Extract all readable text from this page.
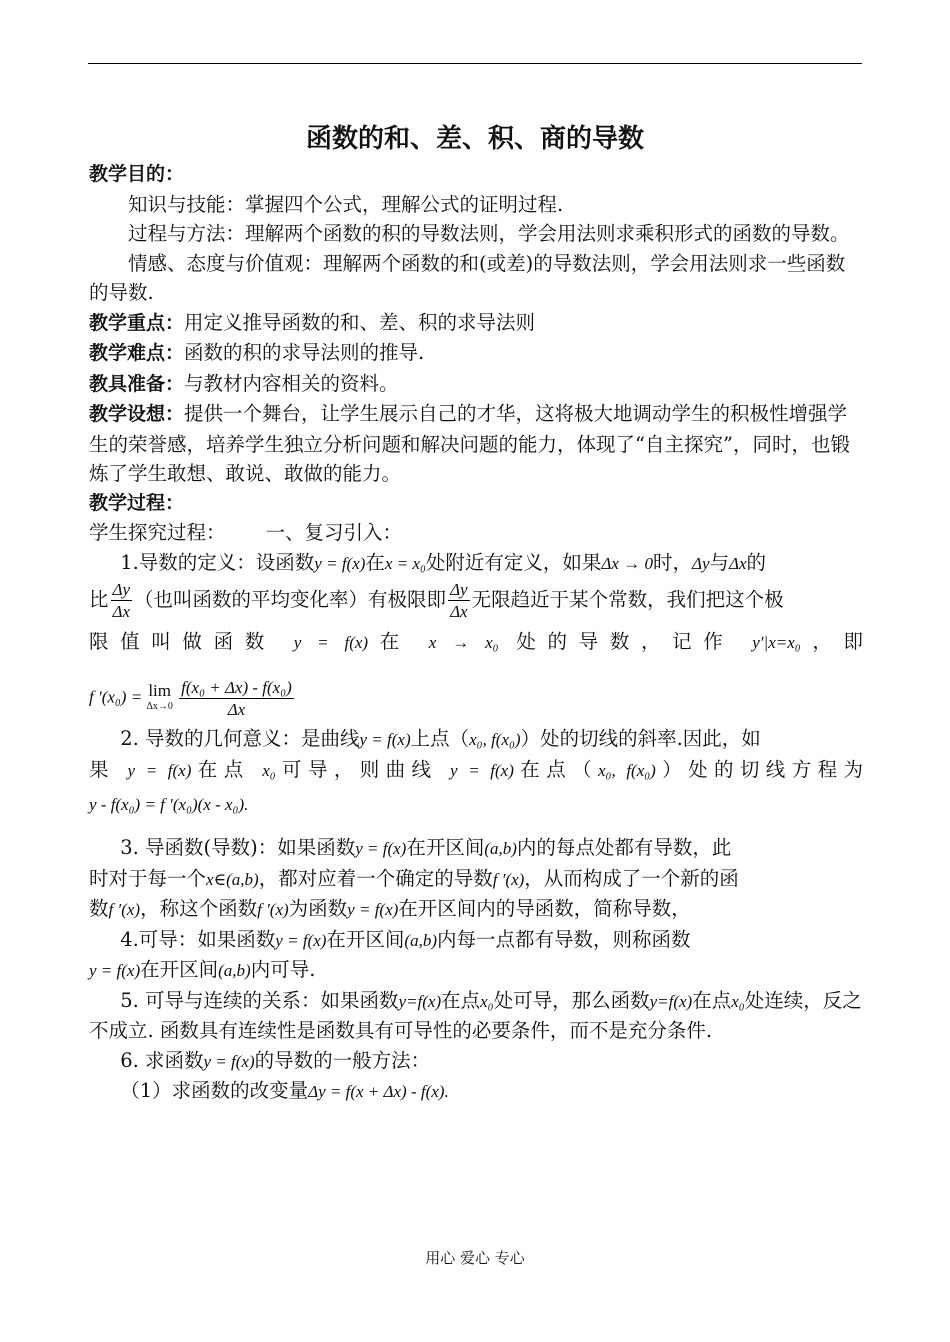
函数的和、差、积、商的导数

教学目的：

知识与技能：掌握四个公式，理解公式的证明过程.

过程与方法：理解两个函数的积的导数法则，学会用法则求乘积形式的函数的导数。

情感、态度与价值观：理解两个函数的和(或差)的导数法则，学会用法则求一些函数的导数.

教学重点：用定义推导函数的和、差、积的求导法则

教学难点：函数的积的求导法则的推导.

教具准备：与教材内容相关的资料。

教学设想：提供一个舞台，让学生展示自己的才华，这将极大地调动学生的积极性增强学生的荣誉感，培养学生独立分析问题和解决问题的能力，体现了“自主探究”，同时，也锻炼了学生敢想、敢说、敢做的能力。

教学过程：

学生探究过程： 一、复习引入：

1.导数的定义：设函数y = f(x)在x = x₀处附近有定义，如果Δx → 0时，Δy与Δx的

比 $\frac{\Delta y}{\Delta x}$ （也叫函数的平均变化率）有极限即 $\frac{\Delta y}{\Delta x}$ 无限趋近于某个常数，我们把这个极

限值叫做函数 y = f(x)在 x → x₀ 处的导数，记作 y′|x=x₀，即

f ′(x₀) = lim
Δx→0
$\frac{\text{f(x₀ + Δx) - f(x₀)}}{\Delta x}$

2. 导数的几何意义：是曲线y = f(x)上点（x₀, f(x₀)）处的切线的斜率.因此，如

果 y = f(x)在点 x₀可导，则曲线 y = f(x)在点（x₀, f(x₀)）处的切线方程为

y - f(x₀) = f ′(x₀)(x - x₀).

3. 导函数(导数)：如果函数y = f(x)在开区间(a,b)内的每点处都有导数，此

时对于每一个x∈(a,b)，都对应着一个确定的导数f ′(x)，从而构成了一个新的函

数f ′(x)，称这个函数f ′(x)为函数y = f(x)在开区间内的导函数，简称导数，

4.可导：如果函数y = f(x)在开区间(a,b)内每一点都有导数，则称函数

y = f(x)在开区间(a,b)内可导.

5. 可导与连续的关系：如果函数y=f(x)在点x₀处可导，那么函数y=f(x)在点x₀处连续，反之不成立. 函数具有连续性是函数具有可导性的必要条件，而不是充分条件.

6. 求函数y = f(x)的导数的一般方法：

（1）求函数的改变量Δy = f(x + Δx) - f(x).

用心 爱心 专心
